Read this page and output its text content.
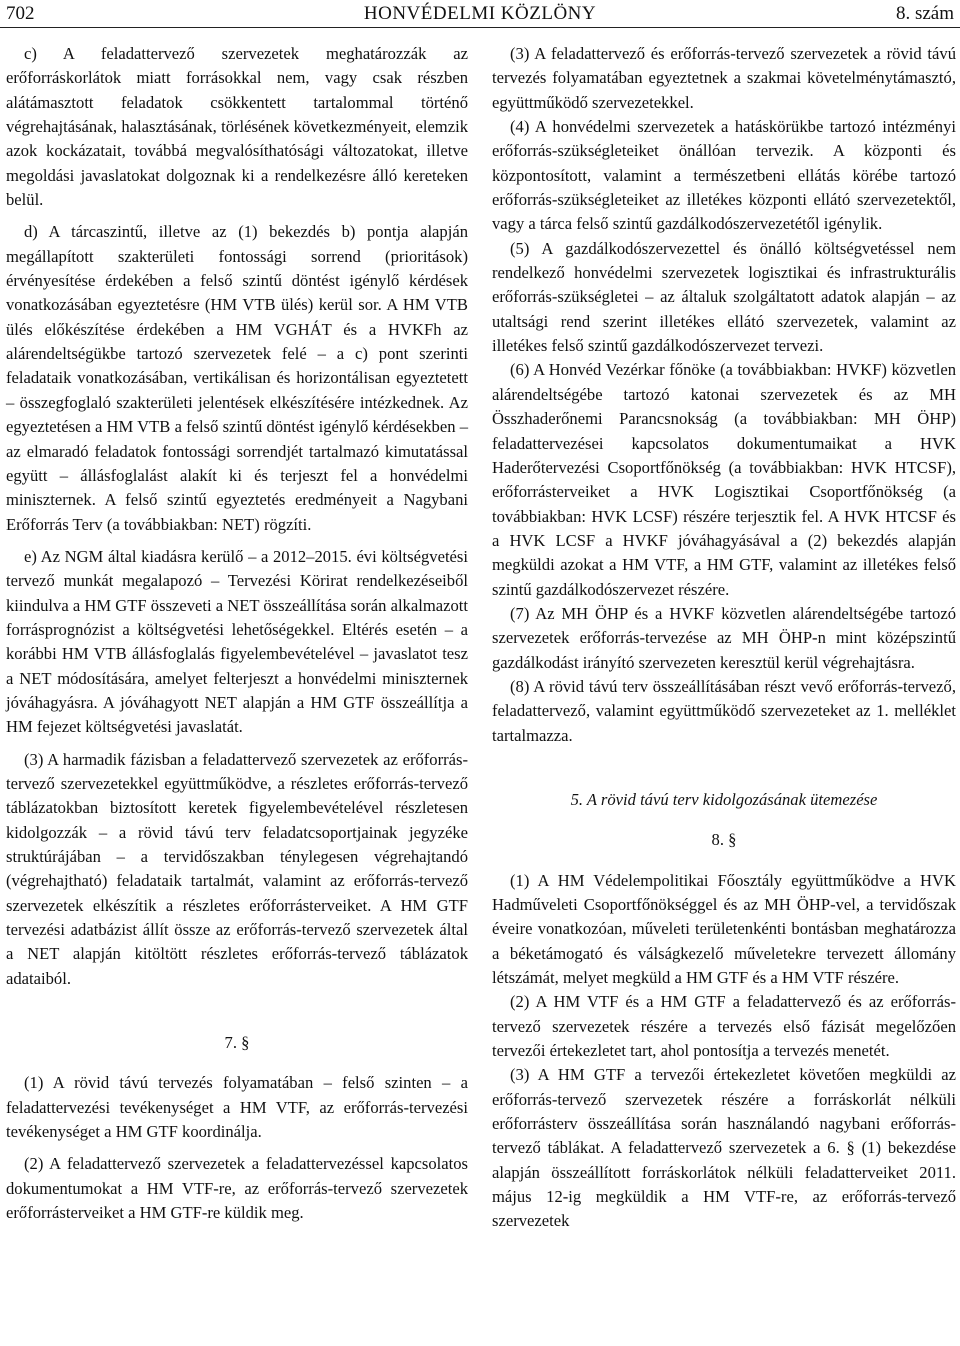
702	HONVÉDELMI KÖZLÖNY	8. szám

c) A feladattervező szervezetek meghatározzák az erőforráskorlátok miatt forrásokkal nem, vagy csak részben alátámasztott feladatok csökkentett tartalommal történő végrehajtásának, halasztásának, törlésének következményeit, elemzik azok kockázatait, továbbá megvalósíthatósági változatokat, illetve megoldási javaslatokat dolgoznak ki a rendelkezésre álló kereteken belül.

d) A tárcaszintű, illetve az (1) bekezdés b) pontja alapján megállapított szakterületi fontossági sorrend (prioritások) érvényesítése érdekében a felső szintű döntést igénylő kérdések vonatkozásában egyeztetésre (HM VTB ülés) kerül sor. A HM VTB ülés előkészítése érdekében a HM VGHÁT és a HVKFh az alárendeltségükbe tartozó szervezetek felé – a c) pont szerinti feladataik vonatkozásában, vertikálisan és horizontálisan egyeztetett – összegfoglaló szakterületi jelentések elkészítésére intézkednek. Az egyeztetésen a HM VTB a felső szintű döntést igénylő kérdésekben – az elmaradó feladatok fontossági sorrendjét tartalmazó kimutatással együtt – állásfoglalást alakít ki és terjeszt fel a honvédelmi miniszternek. A felső szintű egyeztetés eredményeit a Nagybani Erőforrás Terv (a továbbiakban: NET) rögzíti.

e) Az NGM által kiadásra kerülő – a 2012–2015. évi költségvetési tervező munkát megalapozó – Tervezési Körirat rendelkezéseiből kiindulva a HM GTF összeveti a NET összeállítása során alkalmazott forrásprognózist a költségvetési lehetőségekkel. Eltérés esetén – a korábbi HM VTB állásfoglalás figyelembevételével – javaslatot tesz a NET módosítására, amelyet felterjeszt a honvédelmi miniszternek jóváhagyásra. A jóváhagyott NET alapján a HM GTF összeállítja a HM fejezet költségvetési javaslatát.

(3) A harmadik fázisban a feladattervező szervezetek az erőforrás-tervező szervezetekkel együttműködve, a részletes erőforrás-tervező táblázatokban biztosított keretek figyelembevételével részletesen kidolgozzák – a rövid távú terv feladatcsoportjainak jegyzéke struktúrájában – a tervidőszakban ténylegesen végrehajtandó (végrehajtható) feladataik tartalmát, valamint az erőforrás-tervező szervezetek elkészítik a részletes erőforrásterveiket. A HM GTF tervezési adatbázist állít össze az erőforrás-tervező szervezetek által a NET alapján kitöltött részletes erőforrás-tervező táblázatok adataiból.

7. §

(1) A rövid távú tervezés folyamatában – felső szinten – a feladattervezési tevékenységet a HM VTF, az erőforrás-tervezési tevékenységet a HM GTF koordinálja.

(2) A feladattervező szervezetek a feladattervezéssel kapcsolatos dokumentumokat a HM VTF-re, az erőforrás-tervező szervezetek erőforrásterveiket a HM GTF-re küldik meg.

(3) A feladattervező és erőforrás-tervező szervezetek a rövid távú tervezés folyamatában egyeztetnek a szakmai követelménytámasztó, együttműködő szervezetekkel.

(4) A honvédelmi szervezetek a hatáskörükbe tartozó intézményi erőforrás-szükségleteiket önállóan tervezik. A központi és központosított, valamint a természetbeni ellátás körébe tartozó erőforrás-szükségleteiket az illetékes központi ellátó szervezetektől, vagy a tárca felső szintű gazdálkodószervezetétől igénylik.

(5) A gazdálkodószervezettel és önálló költségvetéssel nem rendelkező honvédelmi szervezetek logisztikai és infrastrukturális erőforrás-szükségletei – az általuk szolgáltatott adatok alapján – az utaltsági rend szerint illetékes ellátó szervezetek, valamint az illetékes felső szintű gazdálkodószervezet tervezi.

(6) A Honvéd Vezérkar főnöke (a továbbiakban: HVKF) közvetlen alárendeltségébe tartozó katonai szervezetek és az MH Összhaderőnemi Parancsnokság (a továbbiakban: MH ÖHP) feladattervezései kapcsolatos dokumentumaikat a HVK Haderőtervezési Csoportfőnökség (a továbbiakban: HVK HTCSF), erőforrásterveiket a HVK Logisztikai Csoportfőnökség (a továbbiakban: HVK LCSF) részére terjesztik fel. A HVK HTCSF és a HVK LCSF a HVKF jóváhagyásával a (2) bekezdés alapján megküldi azokat a HM VTF, a HM GTF, valamint az illetékes felső szintű gazdálkodószervezet részére.

(7) Az MH ÖHP és a HVKF közvetlen alárendeltségébe tartozó szervezetek erőforrás-tervezése az MH ÖHP-n mint középszintű gazdálkodást irányító szervezeten keresztül kerül végrehajtásra.

(8) A rövid távú terv összeállításában részt vevő erőforrás-tervező, feladattervező, valamint együttműködő szervezeteket az 1. melléklet tartalmazza.

5. A rövid távú terv kidolgozásának ütemezése

8. §

(1) A HM Védelempolitikai Főosztály együttműködve a HVK Hadműveleti Csoportfőnökséggel és az MH ÖHP-vel, a tervidőszak éveire vonatkozóan, műveleti területenkénti bontásban meghatározza a béketámogató és válságkezelő műveletekre tervezett állomány létszámát, melyet megküld a HM GTF és a HM VTF részére.

(2) A HM VTF és a HM GTF a feladattervező és az erőforrás-tervező szervezetek részére a tervezés első fázisát megelőzően tervezői értekezletet tart, ahol pontosítja a tervezés menetét.

(3) A HM GTF a tervezői értekezletet követően megküldi az erőforrás-tervező szervezetek részére a forráskorlát nélküli erőforrásterv összeállítása során használandó nagybani erőforrás-tervező táblákat. A feladattervező szervezetek a 6. § (1) bekezdése alapján összeállított forráskorlátok nélküli feladatterveiket 2011. május 12-ig megküldik a HM VTF-re, az erőforrás-tervező szervezetek
